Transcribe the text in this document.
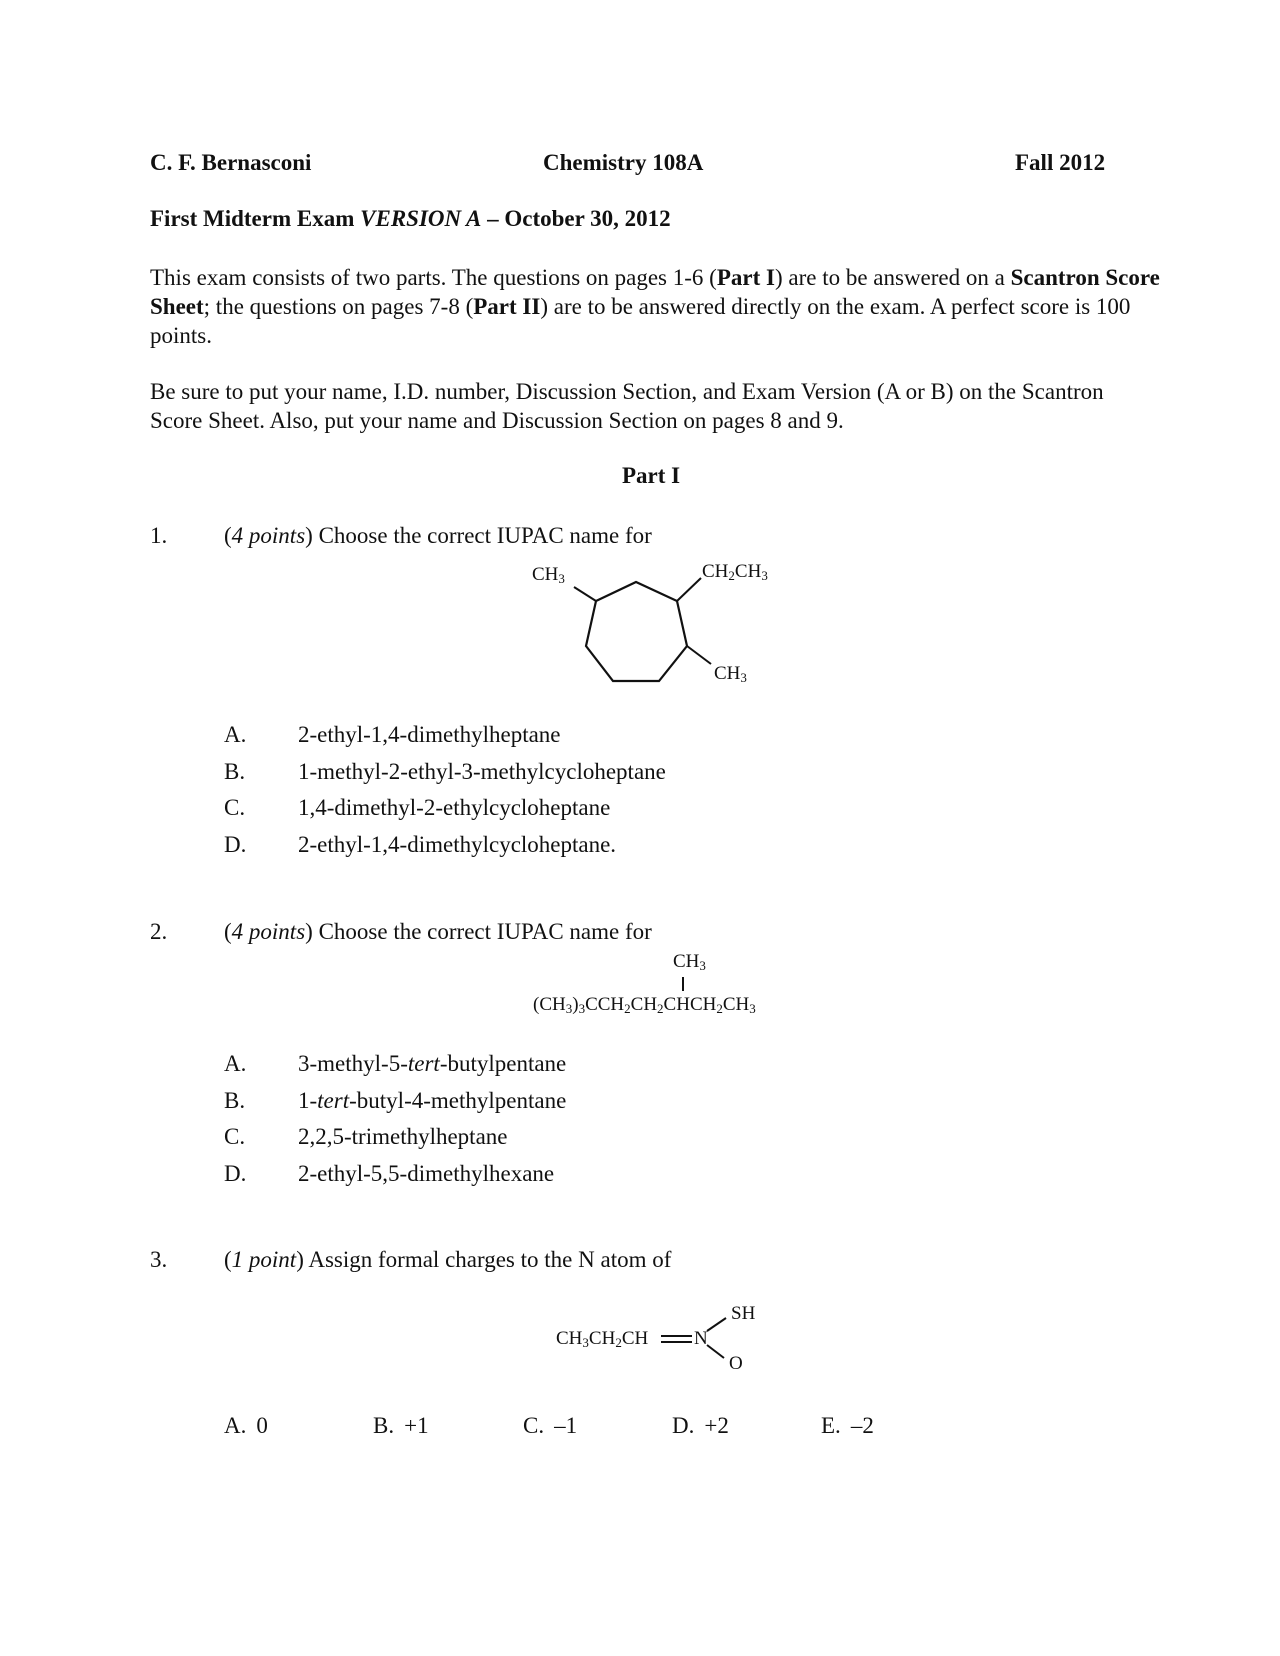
C. F. Bernasconi	Chemistry 108A	Fall 2012
First Midterm Exam VERSION A – October 30, 2012
This exam consists of two parts. The questions on pages 1-6 (Part I) are to be answered on a Scantron Score Sheet; the questions on pages 7-8 (Part II) are to be answered directly on the exam. A perfect score is 100 points.
Be sure to put your name, I.D. number, Discussion Section, and Exam Version (A or B) on the Scantron Score Sheet. Also, put your name and Discussion Section on pages 8 and 9.
Part I
1. (4 points) Choose the correct IUPAC name for
$CH_3$	$CH_2CH_3$
$CH_3$
A. 2-ethyl-1,4-dimethylheptane
B. 1-methyl-2-ethyl-3-methylcycloheptane
C. 1,4-dimethyl-2-ethylcycloheptane
D. 2-ethyl-1,4-dimethylcycloheptane.
2. (4 points) Choose the correct IUPAC name for
$CH_3$
$(CH_3)_3CCH_2CH_2CHCH_2CH_3$
A. 3-methyl-5-tert-butylpentane
B. 1-tert-butyl-4-methylpentane
C. 2,2,5-trimethylheptane
D. 2-ethyl-5,5-dimethylhexane
3. (1 point) Assign formal charges to the N atom of
SH
$CH_3CH_2CH$ N
O
A. 0	B. +1	C. –1	D. +2	E. –2
